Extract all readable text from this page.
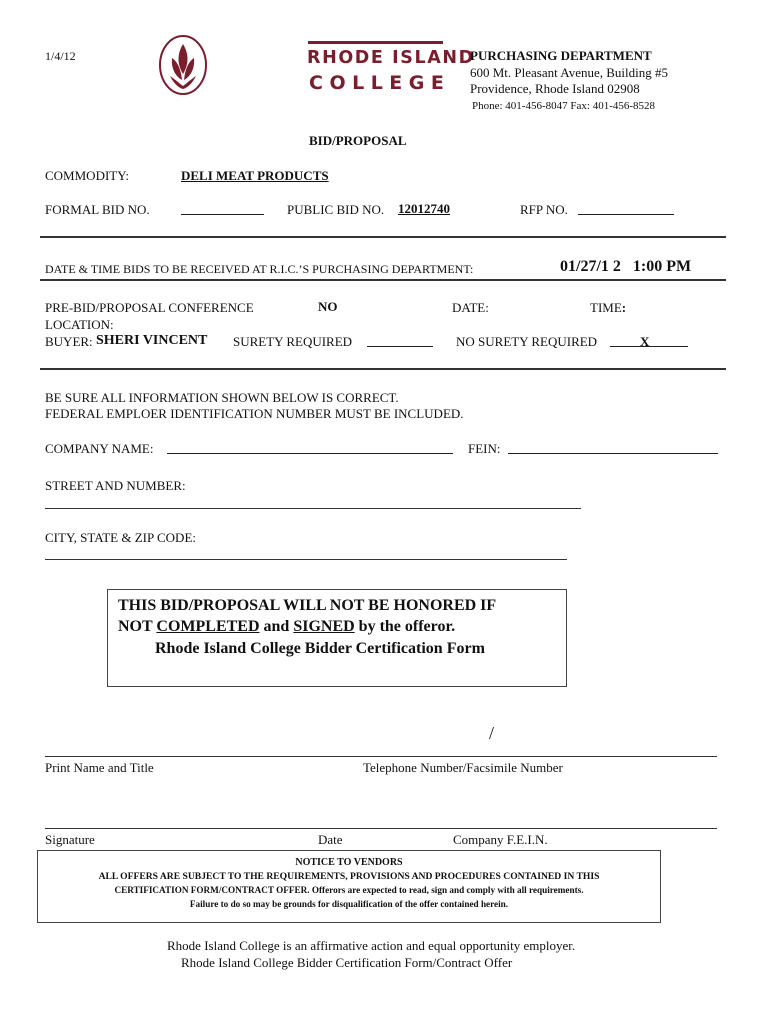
1/4/12	RHODE ISLAND
COLLEGE
PURCHASING DEPARTMENT
600 Mt. Pleasant Avenue, Building #5
Providence, Rhode Island 02908
Phone: 401-456-8047 Fax: 401-456-8528
BID/PROPOSAL
COMMODITY:	DELI MEAT PRODUCTS
FORMAL BID NO.	PUBLIC BID NO. 12012740	RFP NO.
DATE & TIME BIDS TO BE RECEIVED AT R.I.C.’S PURCHASING DEPARTMENT:	01/27/1 2   1:00 PM
PRE-BID/PROPOSAL CONFERENCE	NO	DATE:	TIME:
LOCATION:
BUYER: SHERI VINCENT SURETY REQUIRED	NO SURETY REQUIRED	X
BE SURE ALL INFORMATION SHOWN BELOW IS CORRECT.
FEDERAL EMPLOER IDENTIFICATION NUMBER MUST BE INCLUDED.
COMPANY NAME:	FEIN:
STREET AND NUMBER:
CITY, STATE & ZIP CODE:
THIS BID/PROPOSAL WILL NOT BE HONORED IF
NOT COMPLETED and SIGNED by the offeror.
Rhode Island College Bidder Certification Form
/
Print Name and Title	Telephone Number/Facsimile Number
Signature	Date	Company F.E.I.N.
NOTICE TO VENDORS
ALL OFFERS ARE SUBJECT TO THE REQUIREMENTS, PROVISIONS AND PROCEDURES CONTAINED IN THIS
CERTIFICATION FORM/CONTRACT OFFER. Offerors are expected to read, sign and comply with all requirements.
Failure to do so may be grounds for disqualification of the offer contained herein.
Rhode Island College is an affirmative action and equal opportunity employer.
Rhode Island College Bidder Certification Form/Contract Offer
